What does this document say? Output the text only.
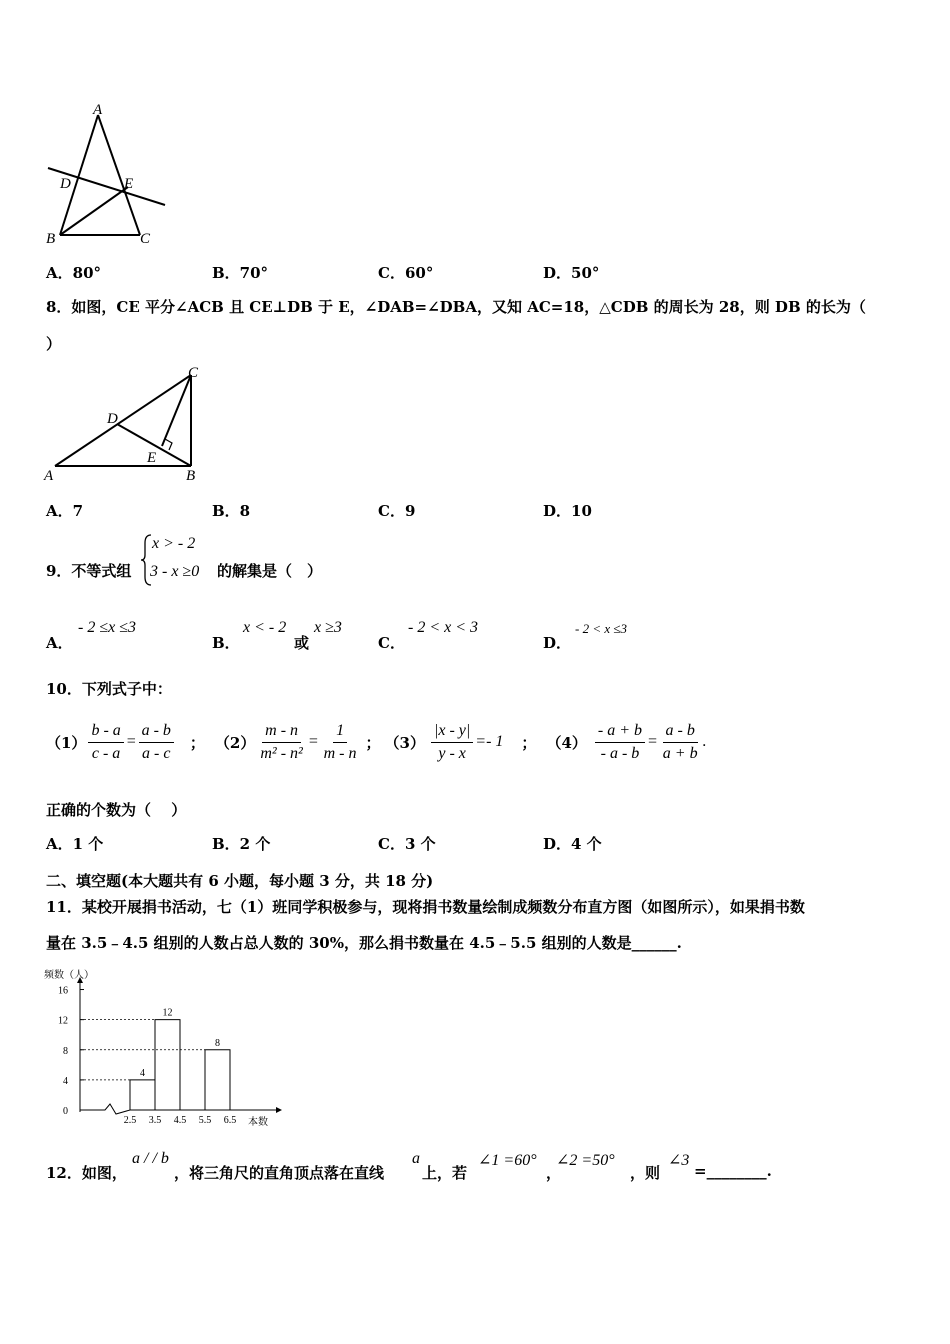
A
D	E
B	C
A．80°	B．70°	C．60°	D．50°
8．如图，CE 平分∠ACB 且 CE⊥DB 于 E，∠DAB=∠DBA，又知 AC=18，△CDB 的周长为 28，则 DB 的长为（
）
C
D
E
A	B
A．7	B．8	C．9	D．10
9．不等式组
x > - 2
3 - x ≥0 的解集是（　）
A．
- 2 ≤x ≤3
B．
x < - 2
或
x ≥3
C．
- 2 < x < 3
D．
- 2 < x ≤3
10．下列式子中：
$(1) \frac{b - a}{c - a} = \frac{a - b}{a - c}$ ； $(2) \frac{m - n}{\text{m² - n²}} = \frac{1}{m - n}$ ； $(3) \frac{|x - y|}{y - x} =- 1$ ； $(4) \frac{- a + b}{- a - b} = \frac{a - b}{a + b}$ .
正确的个数为（　 ）
A．1 个	B．2 个	C．3 个	D．4 个
二、填空题(本大题共有 6 小题，每小题 3 分，共 18 分)
11．某校开展捐书活动，七（1）班同学积极参与，现将捐书数量绘制成频数分布直方图（如图所示），如果捐书数
量在 3.5﹣4.5 组别的人数占总人数的 30%，那么捐书数量在 4.5﹣5.5 组别的人数是______.
频数（人）
0
4
8
12
16
4
12
8
2.5 3.5 4.5 5.5 6.5 本数
12．如图，
a / / b
，将三角尺的直角顶点落在直线
a
上，若
∠1 =60°
，
∠2 =50°
，则
∠3
=________.
